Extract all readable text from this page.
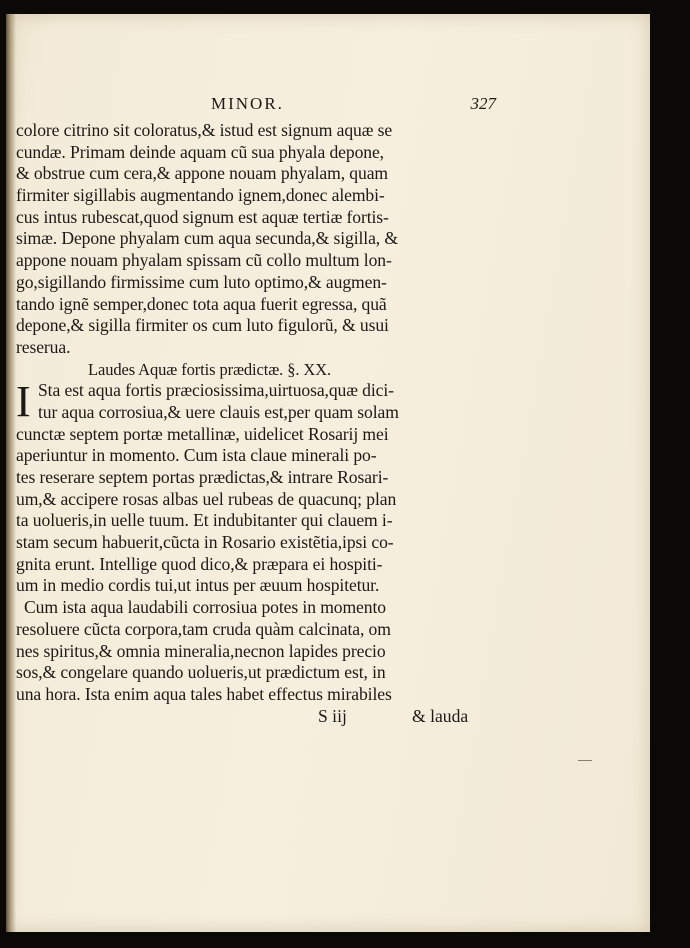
MINOR.	327
colore citrino sit coloratus,& istud est signum aquæ se
cundæ. Primam deinde aquam cũ sua phyala depone,
& obstrue cum cera,& appone nouam phyalam, quam
firmiter sigillabis augmentando ignem,donec alembi-
cus intus rubescat,quod signum est aquæ tertiæ fortis-
simæ. Depone phyalam cum aqua secunda,& sigilla, &
appone nouam phyalam spissam cũ collo multum lon-
go,sigillando firmissime cum luto optimo,& augmen-
tando ignẽ semper,donec tota aqua fuerit egressa, quã
depone,& sigilla firmiter os cum luto figulorũ, & usui
reserua.
Laudes Aquæ fortis prædictæ. §. XX.
I Sta est aqua fortis præciosissima,uirtuosa,quæ dici-
tur aqua corrosiua,& uere clauis est,per quam solam
cunctæ septem portæ metallinæ, uidelicet Rosarij mei
aperiuntur in momento. Cum ista claue minerali po-
tes reserare septem portas prædictas,& intrare Rosari-
um,& accipere rosas albas uel rubeas de quacunq; plan
ta uolueris,in uelle tuum. Et indubitanter qui clauem i-
stam secum habuerit,cũcta in Rosario existẽtia,ipsi co-
gnita erunt. Intellige quod dico,& præpara ei hospiti-
um in medio cordis tui,ut intus per æuum hospitetur.
Cum ista aqua laudabili corrosiua potes in momento
resoluere cũcta corpora,tam cruda quàm calcinata, om
nes spiritus,& omnia mineralia,necnon lapides precio
sos,& congelare quando uolueris,ut prædictum est, in
una hora. Ista enim aqua tales habet effectus mirabiles
S iij	& lauda
